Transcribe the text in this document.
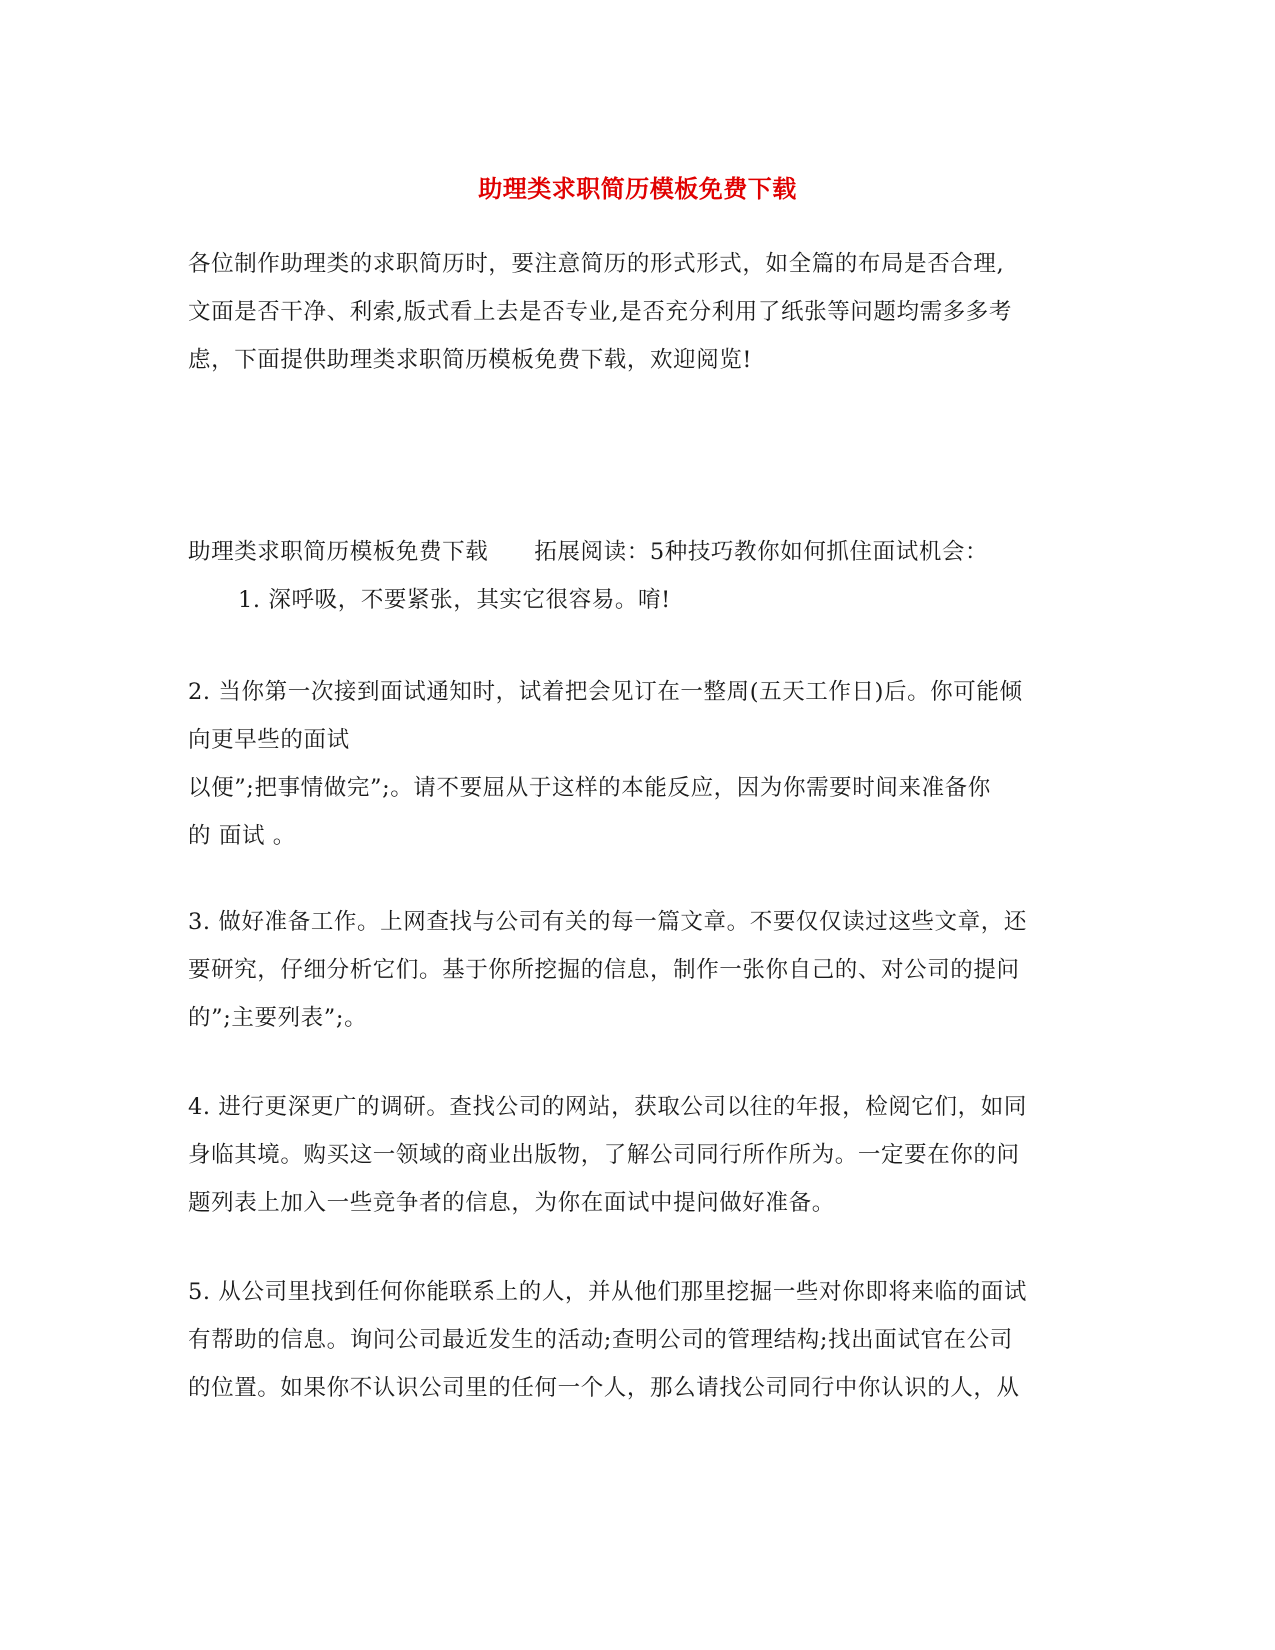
助理类求职简历模板免费下载
各位制作助理类的求职简历时，要注意简历的形式形式，如全篇的布局是否合理,
文面是否干净、利索,版式看上去是否专业,是否充分利用了纸张等问题均需多多考
虑，下面提供助理类求职简历模板免费下载，欢迎阅览!
助理类求职简历模板免费下载 拓展阅读：5种技巧教你如何抓住面试机会：
1. 深呼吸，不要紧张，其实它很容易。唷!
2. 当你第一次接到面试通知时，试着把会见订在一整周(五天工作日)后。你可能倾
向更早些的面试
以便”;把事情做完”;。请不要屈从于这样的本能反应，因为你需要时间来准备你
的 面试 。
3. 做好准备工作。上网查找与公司有关的每一篇文章。不要仅仅读过这些文章，还
要研究，仔细分析它们。基于你所挖掘的信息，制作一张你自己的、对公司的提问
的”;主要列表”;。
4. 进行更深更广的调研。查找公司的网站，获取公司以往的年报，检阅它们，如同
身临其境。购买这一领域的商业出版物，了解公司同行所作所为。一定要在你的问
题列表上加入一些竞争者的信息，为你在面试中提问做好准备。
5. 从公司里找到任何你能联系上的人，并从他们那里挖掘一些对你即将来临的面试
有帮助的信息。询问公司最近发生的活动;查明公司的管理结构;找出面试官在公司
的位置。如果你不认识公司里的任何一个人，那么请找公司同行中你认识的人，从
